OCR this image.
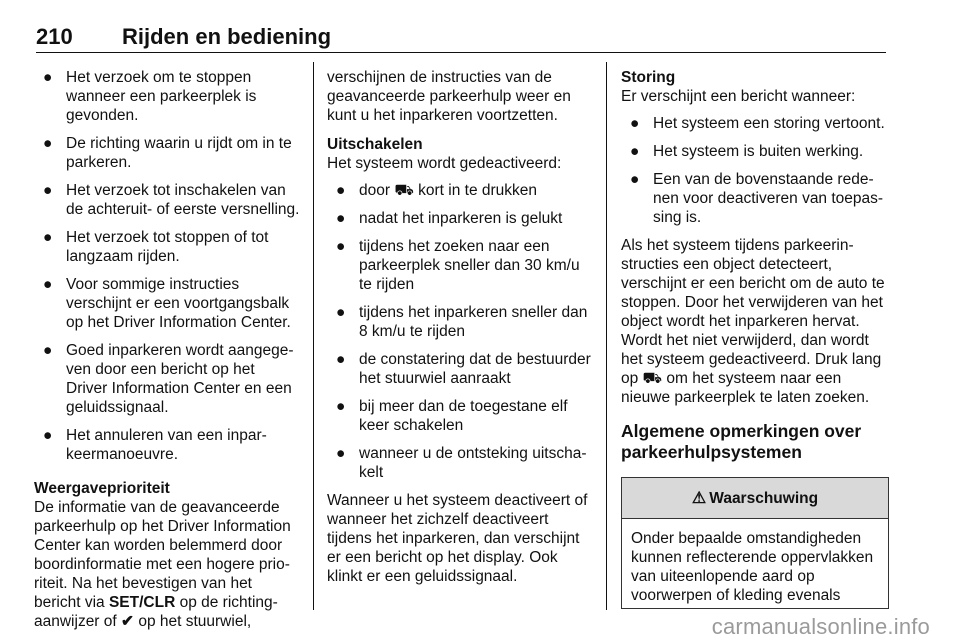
210 Rijden en bediening
● Het verzoek om te stoppen wanneer een parkeerplek is gevonden.
● De richting waarin u rijdt om in te parkeren.
● Het verzoek tot inschakelen van de achteruit- of eerste versnelling.
● Het verzoek tot stoppen of tot langzaam rijden.
● Voor sommige instructies verschijnt er een voortgangsbalk op het Driver Information Center.
● Goed inparkeren wordt aangegeven door een bericht op het Driver Information Center en een geluidssignaal.
● Het annuleren van een inparkeermanoeuvre.
Weergaveprioriteit

De informatie van de geavanceerde parkeerhulp op het Driver Information Center kan worden belemmerd door boordinformatie met een hogere prioriteit. Na het bevestigen van het bericht via SET/CLR op de richtingaanwijzer of ✔ op het stuurwiel,

verschijnen de instructies van de geavanceerde parkeerhulp weer en kunt u het inparkeren voortzetten.

Uitschakelen

Het systeem wordt gedeactiveerd:

● door ⛟ kort in te drukken
● nadat het inparkeren is gelukt
● tijdens het zoeken naar een parkeerplek sneller dan 30 km/u te rijden
● tijdens het inparkeren sneller dan 8 km/u te rijden
● de constatering dat de bestuurder het stuurwiel aanraakt
● bij meer dan de toegestane elf keer schakelen
● wanneer u de ontsteking uitschakelt

Wanneer u het systeem deactiveert of wanneer het zichzelf deactiveert tijdens het inparkeren, dan verschijnt er een bericht op het display. Ook klinkt er een geluidssignaal.

Storing

Er verschijnt een bericht wanneer:

● Het systeem een storing vertoont.
● Het systeem is buiten werking.
● Een van de bovenstaande redenen voor deactiveren van toepassing is.

Als het systeem tijdens parkeerinstructies een object detecteert, verschijnt er een bericht om de auto te stoppen. Door het verwijderen van het object wordt het inparkeren hervat. Wordt het niet verwijderd, dan wordt het systeem gedeactiveerd. Druk lang op ⛟ om het systeem naar een nieuwe parkeerplek te laten zoeken.

Algemene opmerkingen over parkeerhulpsystemen
⚠ Waarschuwing
Onder bepaalde omstandigheden kunnen reflecterende oppervlakken van uiteenlopende aard op voorwerpen of kleding evenals
carmanualsonline.info
